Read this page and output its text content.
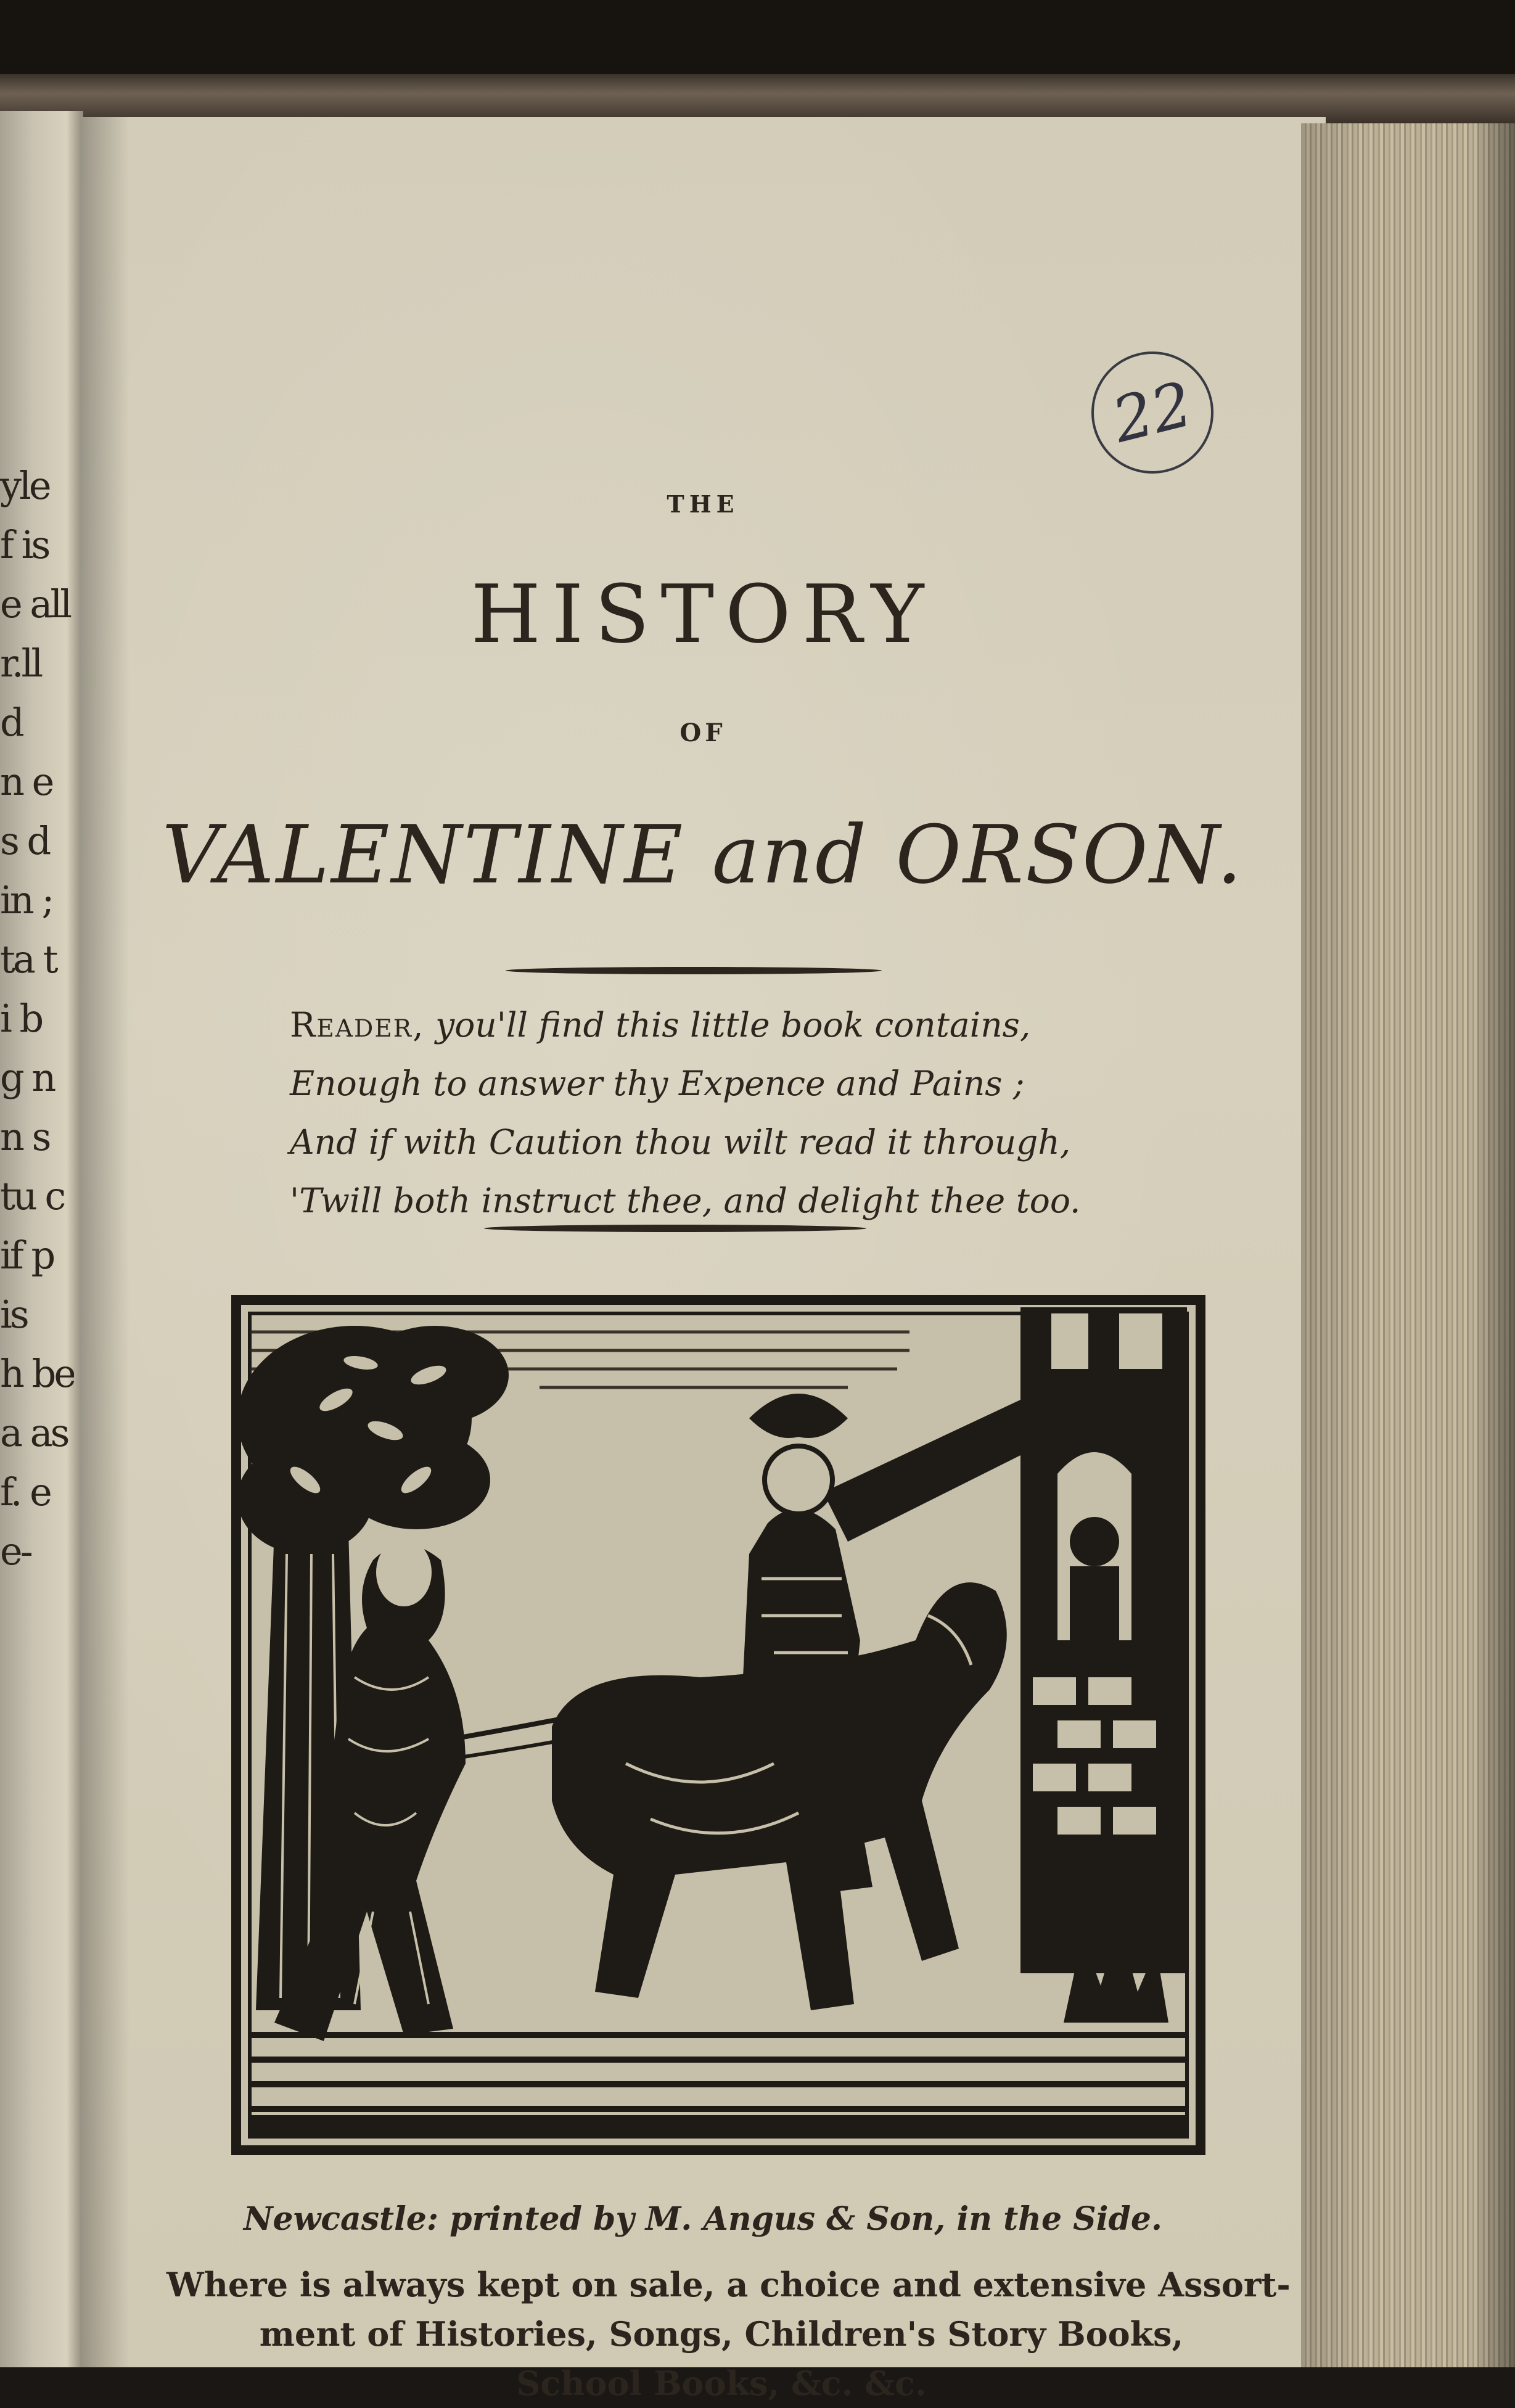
yle
f is
e all
r.ll
d
n e
s d
in ;
ta t
i b
g n
n s
tu c
if p
is
h be
a as
f. e
e-
22
THE
HISTORY
OF
VALENTINE and ORSON.
Reader, you'll find this little book contains,
Enough to answer thy Expence and Pains ;
And if with Caution thou wilt read it through,
'Twill both instruct thee, and delight thee too.
Newcastle: printed by M. Angus & Son, in the Side.
Where is always kept on sale, a choice and extensive Assort-
ment of Histories, Songs, Children's Story Books,
School Books, &c. &c.
